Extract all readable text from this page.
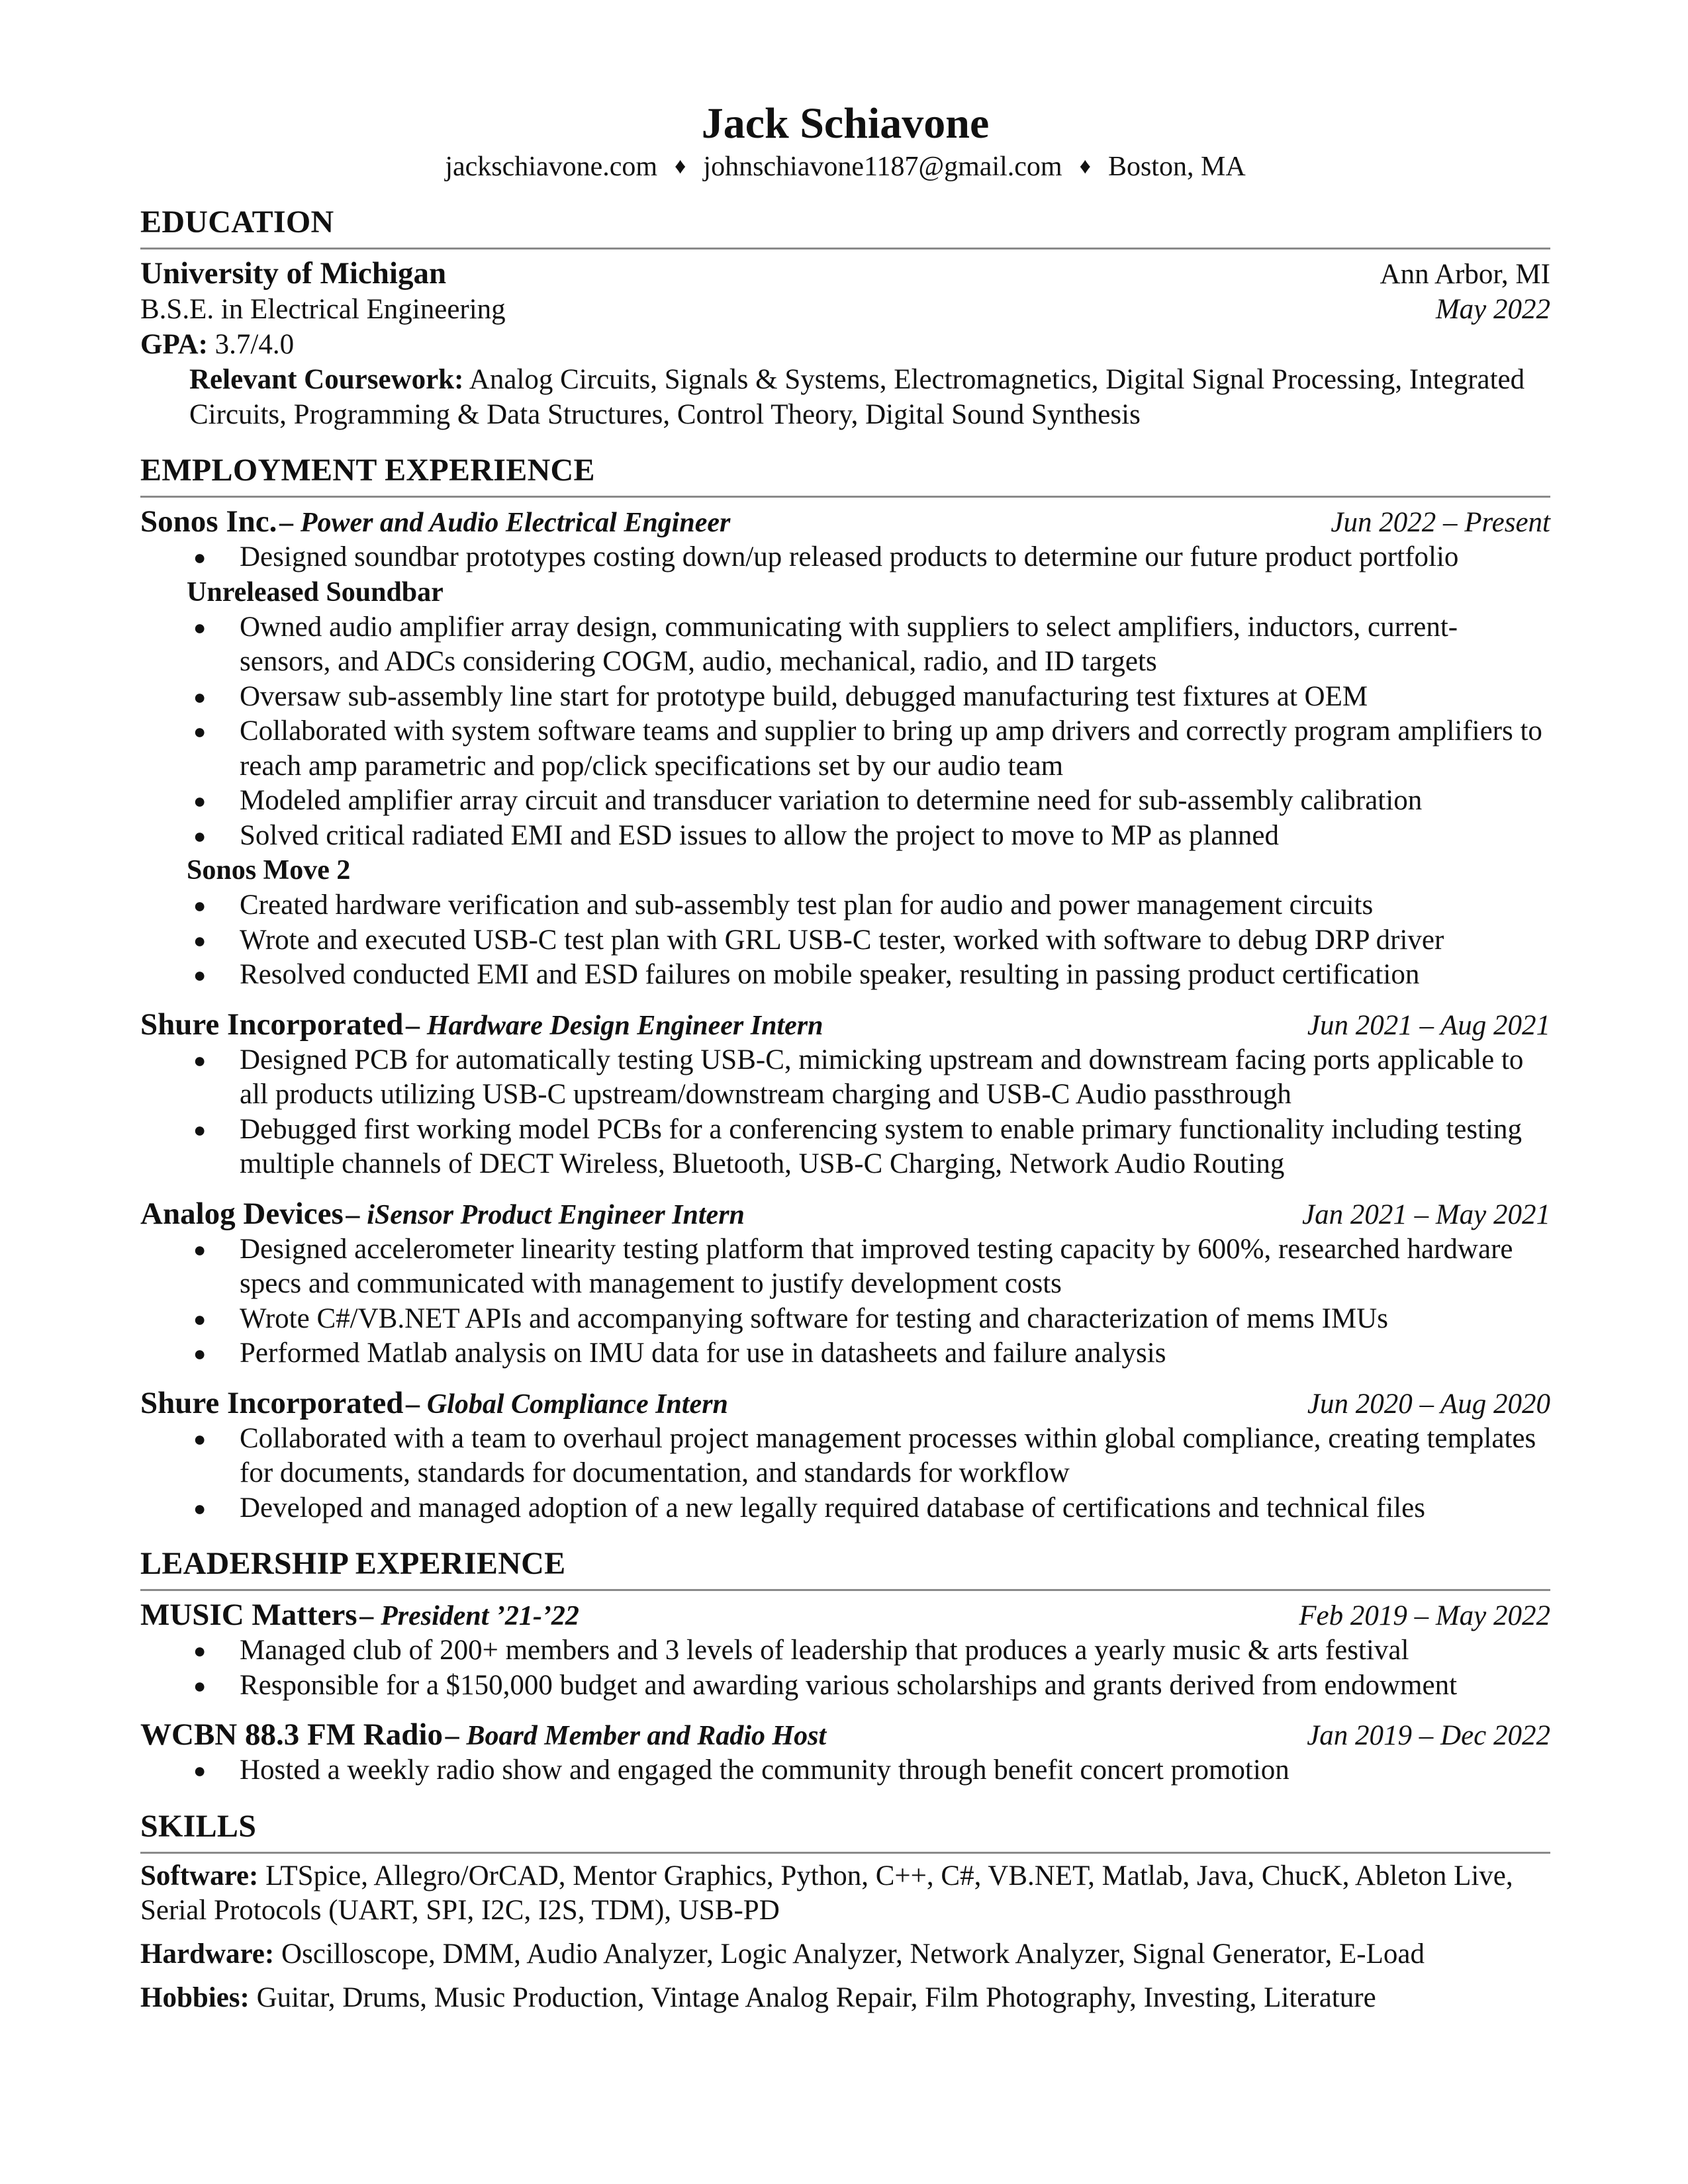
Jack Schiavone
jackschiavone.com ♦ johnschiavone1187@gmail.com ♦ Boston, MA
EDUCATION
University of Michigan	Ann Arbor, MI
B.S.E. in Electrical Engineering	May 2022
GPA: 3.7/4.0
Relevant Coursework: Analog Circuits, Signals & Systems, Electromagnetics, Digital Signal Processing, Integrated Circuits, Programming & Data Structures, Control Theory, Digital Sound Synthesis
EMPLOYMENT EXPERIENCE
Sonos Inc. – Power and Audio Electrical Engineer	Jun 2022 – Present
● Designed soundbar prototypes costing down/up released products to determine our future product portfolio
Unreleased Soundbar
● Owned audio amplifier array design, communicating with suppliers to select amplifiers, inductors, current-sensors, and ADCs considering COGM, audio, mechanical, radio, and ID targets
● Oversaw sub-assembly line start for prototype build, debugged manufacturing test fixtures at OEM
● Collaborated with system software teams and supplier to bring up amp drivers and correctly program amplifiers to reach amp parametric and pop/click specifications set by our audio team
● Modeled amplifier array circuit and transducer variation to determine need for sub-assembly calibration
● Solved critical radiated EMI and ESD issues to allow the project to move to MP as planned
Sonos Move 2
● Created hardware verification and sub-assembly test plan for audio and power management circuits
● Wrote and executed USB-C test plan with GRL USB-C tester, worked with software to debug DRP driver
● Resolved conducted EMI and ESD failures on mobile speaker, resulting in passing product certification
Shure Incorporated – Hardware Design Engineer Intern	Jun 2021 – Aug 2021
● Designed PCB for automatically testing USB-C, mimicking upstream and downstream facing ports applicable to all products utilizing USB-C upstream/downstream charging and USB-C Audio passthrough
● Debugged first working model PCBs for a conferencing system to enable primary functionality including testing multiple channels of DECT Wireless, Bluetooth, USB-C Charging, Network Audio Routing
Analog Devices – iSensor Product Engineer Intern	Jan 2021 – May 2021
● Designed accelerometer linearity testing platform that improved testing capacity by 600%, researched hardware specs and communicated with management to justify development costs
● Wrote C#/VB.NET APIs and accompanying software for testing and characterization of mems IMUs
● Performed Matlab analysis on IMU data for use in datasheets and failure analysis
Shure Incorporated – Global Compliance Intern	Jun 2020 – Aug 2020
● Collaborated with a team to overhaul project management processes within global compliance, creating templates for documents, standards for documentation, and standards for workflow
● Developed and managed adoption of a new legally required database of certifications and technical files
LEADERSHIP EXPERIENCE
MUSIC Matters – President ’21-’22	Feb 2019 – May 2022
● Managed club of 200+ members and 3 levels of leadership that produces a yearly music & arts festival
● Responsible for a $150,000 budget and awarding various scholarships and grants derived from endowment
WCBN 88.3 FM Radio – Board Member and Radio Host	Jan 2019 – Dec 2022
● Hosted a weekly radio show and engaged the community through benefit concert promotion
SKILLS
Software: LTSpice, Allegro/OrCAD, Mentor Graphics, Python, C++, C#, VB.NET, Matlab, Java, ChucK, Ableton Live, Serial Protocols (UART, SPI, I2C, I2S, TDM), USB-PD
Hardware: Oscilloscope, DMM, Audio Analyzer, Logic Analyzer, Network Analyzer, Signal Generator, E-Load
Hobbies: Guitar, Drums, Music Production, Vintage Analog Repair, Film Photography, Investing, Literature
